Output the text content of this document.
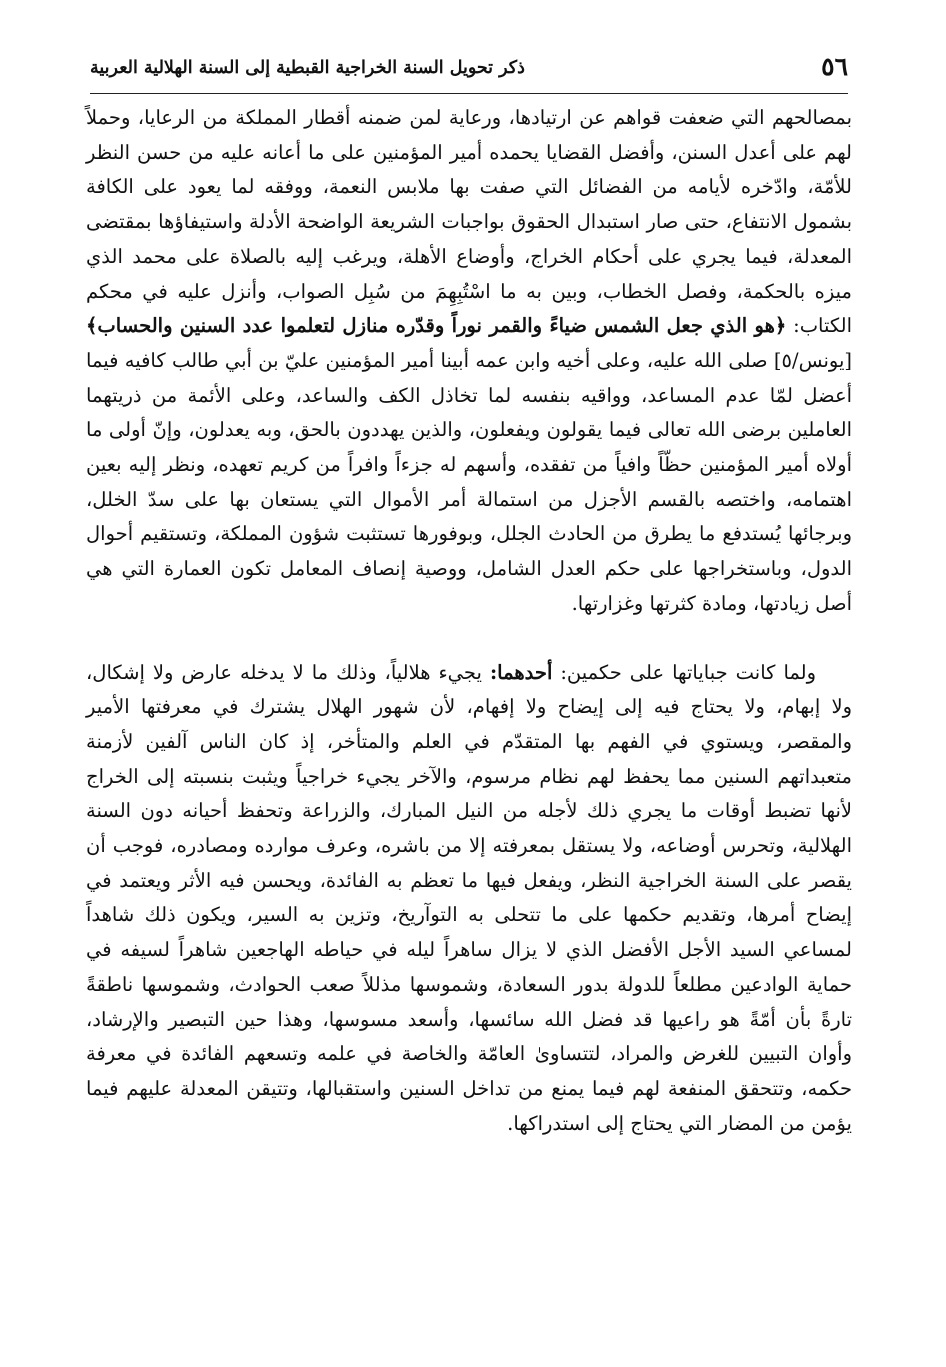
٥٦
ذكر تحويل السنة الخراجية القبطية إلى السنة الهلالية العربية

بمصالحهم التي ضعفت قواهم عن ارتيادها، ورعاية لمن ضمنه أقطار المملكة من الرعايا، وحملاً لهم على أعدل السنن، وأفضل القضايا يحمده أمير المؤمنين على ما أعانه عليه من حسن النظر للأمّة، وادّخره لأيامه من الفضائل التي صفت بها ملابس النعمة، ووفقه لما يعود على الكافة بشمول الانتفاع، حتى صار استبدال الحقوق بواجبات الشريعة الواضحة الأدلة واستيفاؤها بمقتضى المعدلة، فيما يجري على أحكام الخراج، وأوضاع الأهلة، ويرغب إليه بالصلاة على محمد الذي ميزه بالحكمة، وفصل الخطاب، وبين به ما اسْتُبِهِمَ من سُبِل الصواب، وأنزل عليه في محكم الكتاب: ﴿هو الذي جعل الشمس ضياءً والقمر نوراً وقدّره منازل لتعلموا عدد السنين والحساب﴾ [يونس/٥] صلى الله عليه، وعلى أخيه وابن عمه أبينا أمير المؤمنين عليّ بن أبي طالب كافيه فيما أعضل لمّا عدم المساعد، وواقيه بنفسه لما تخاذل الكف والساعد، وعلى الأئمة من ذريتهما العاملين برضى الله تعالى فيما يقولون ويفعلون، والذين يهددون بالحق، وبه يعدلون، وإنّ أولى ما أولاه أمير المؤمنين حظّاً وافياً من تفقده، وأسهم له جزءاً وافراً من كريم تعهده، ونظر إليه بعين اهتمامه، واختصه بالقسم الأجزل من استمالة أمر الأموال التي يستعان بها على سدّ الخلل، وبرجائها يُستدفع ما يطرق من الحادث الجلل، وبوفورها تستثبت شؤون المملكة، وتستقيم أحوال الدول، وباستخراجها على حكم العدل الشامل، ووصية إنصاف المعامل تكون العمارة التي هي أصل زيادتها، ومادة كثرتها وغزارتها.

ولما كانت جباياتها على حكمين: أحدهما: يجيء هلالياً، وذلك ما لا يدخله عارض ولا إشكال، ولا إبهام، ولا يحتاج فيه إلى إيضاح ولا إفهام، لأن شهور الهلال يشترك في معرفتها الأمير والمقصر، ويستوي في الفهم بها المتقدّم في العلم والمتأخر، إذ كان الناس آلفين لأزمنة متعبداتهم السنين مما يحفظ لهم نظام مرسوم، والآخر يجيء خراجياً ويثبت بنسبته إلى الخراج لأنها تضبط أوقات ما يجري ذلك لأجله من النيل المبارك، والزراعة وتحفظ أحيانه دون السنة الهلالية، وتحرس أوضاعه، ولا يستقل بمعرفته إلا من باشره، وعرف موارده ومصادره، فوجب أن يقصر على السنة الخراجية النظر، ويفعل فيها ما تعظم به الفائدة، ويحسن فيه الأثر ويعتمد في إيضاح أمرها، وتقديم حكمها على ما تتحلى به التوآريخ، وتزين به السير، ويكون ذلك شاهداً لمساعي السيد الأجل الأفضل الذي لا يزال ساهراً ليله في حياطه الهاجعين شاهراً لسيفه في حماية الوادعين مطلعاً للدولة بدور السعادة، وشموسها مذللاً صعب الحوادث، وشموسها ناطقةً تارةً بأن أمّةً هو راعيها قد فضل الله سائسها، وأسعد مسوسها، وهذا حين التبصير والإرشاد، وأوان التبيين للغرض والمراد، لتتساوىٰ العامّة والخاصة في علمه وتسعهم الفائدة في معرفة حكمه، وتتحقق المنفعة لهم فيما يمنع من تداخل السنين واستقبالها، وتتيقن المعدلة عليهم فيما يؤمن من المضار التي يحتاج إلى استدراكها.
